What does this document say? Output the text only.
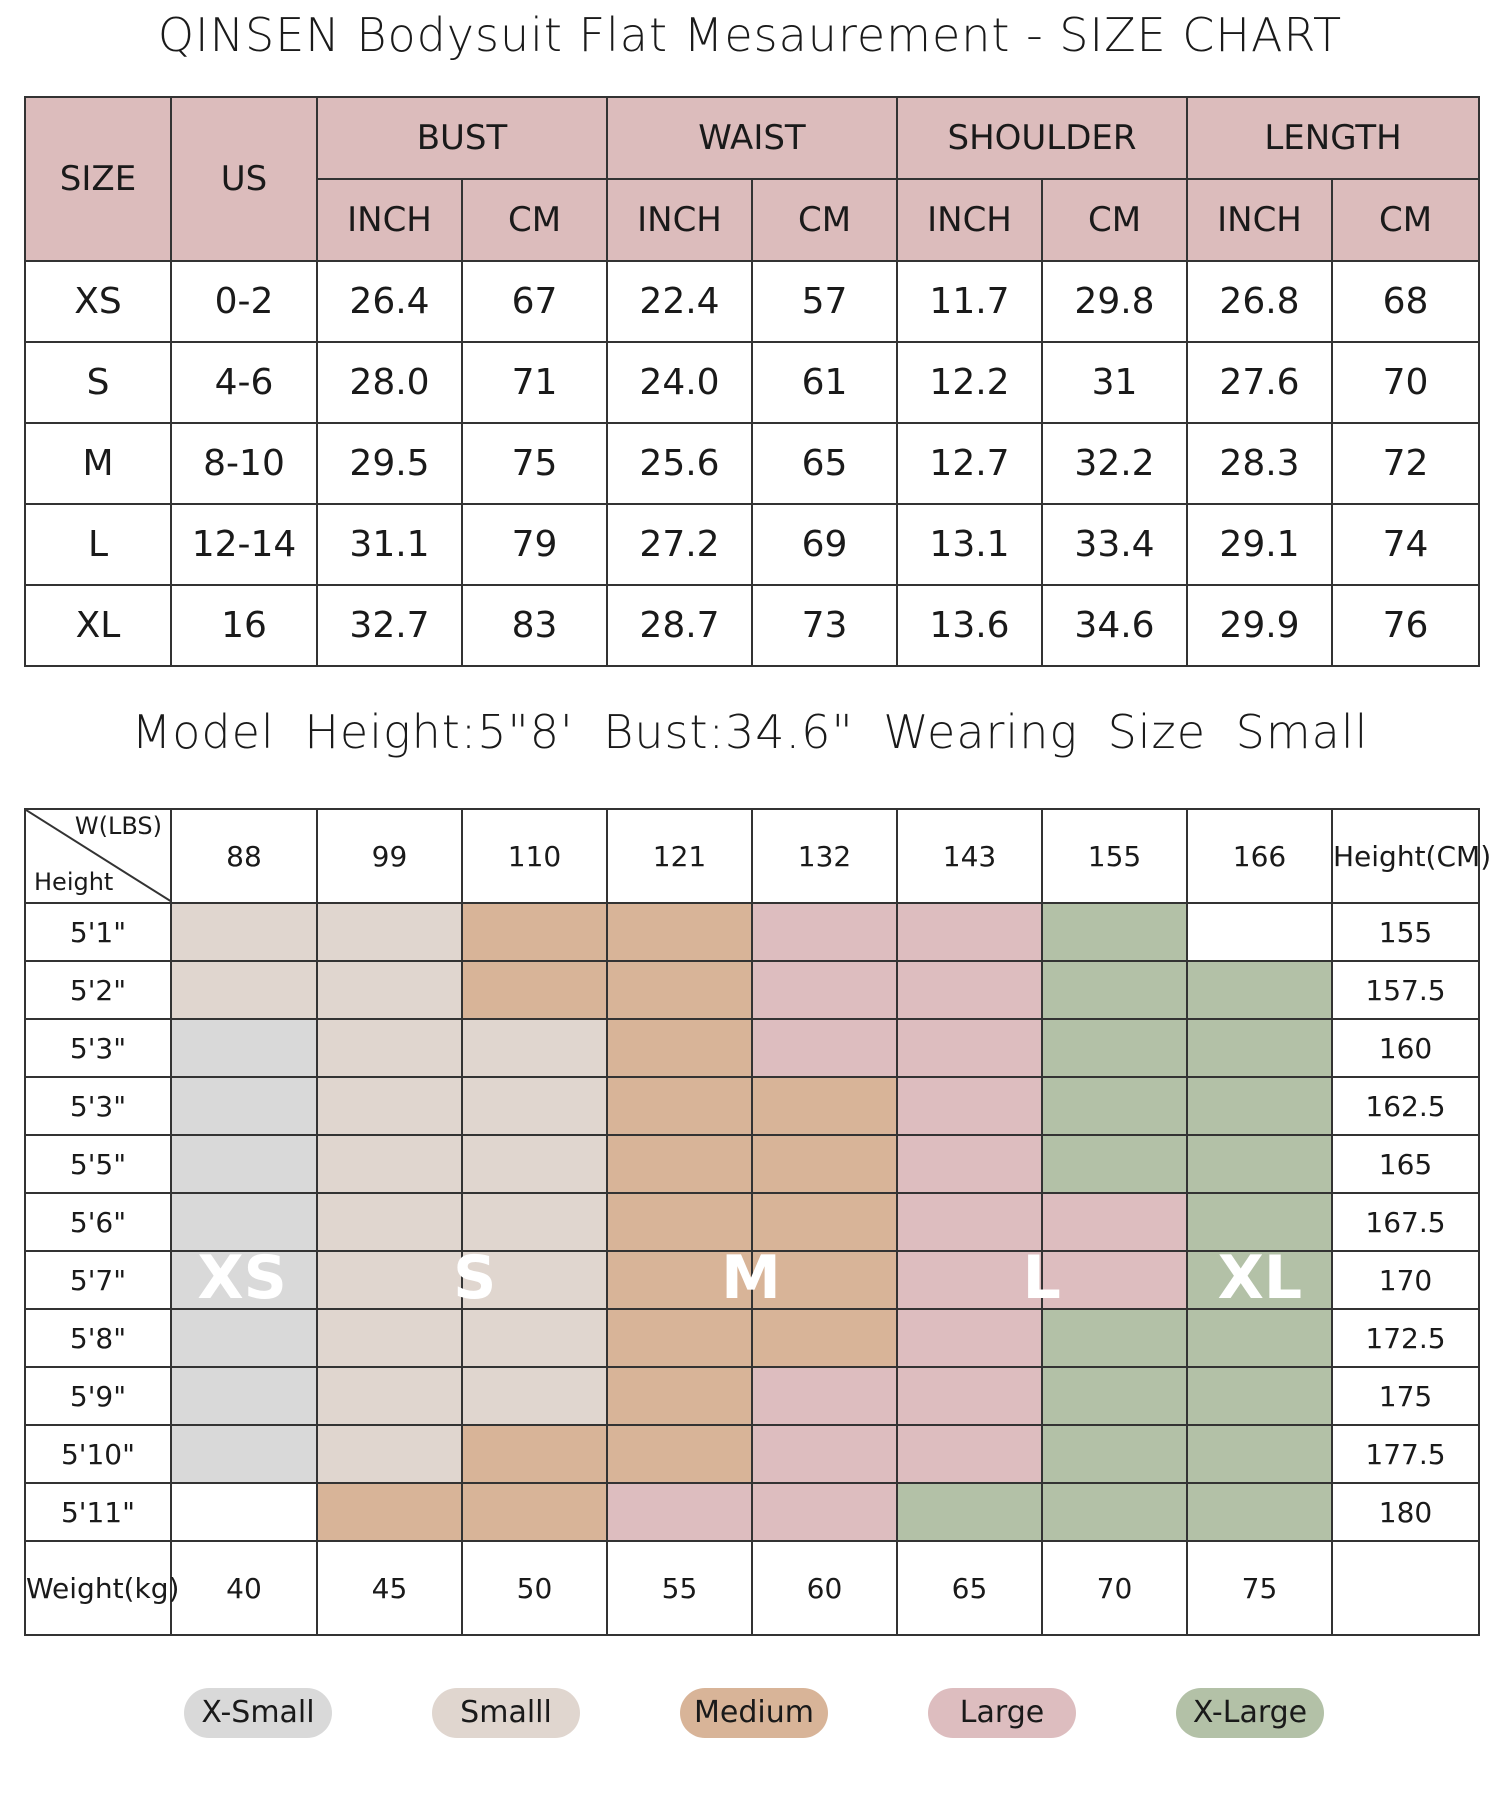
QINSEN Bodysuit Flat Mesaurement - SIZE CHART
SIZE	US	BUST		WAIST		SHOULDER		LENGTH	
		INCH	CM	INCH	CM	INCH	CM	INCH	CM
XS	0-2	26.4	67	22.4	57	11.7	29.8	26.8	68
S	4-6	28.0	71	24.0	61	12.2	31	27.6	70
M	8-10	29.5	75	25.6	65	12.7	32.2	28.3	72
L	12-14	31.1	79	27.2	69	13.1	33.4	29.1	74
XL	16	32.7	83	28.7	73	13.6	34.6	29.9	76
Model Height:5"8' Bust:34.6" Wearing Size Small
W(LBS)
Height	88	99	110	121	132	143	155	166	Height(CM)
5'1"									155
5'2"									157.5
5'3"									160
5'3"									162.5
5'5"									165
5'6"									167.5
5'7"									170
5'8"									172.5
5'9"									175
5'10"									177.5
5'11"									180
Weight(kg)	40	45	50	55	60	65	70	75	
XS	S	M	L	XL
X-Small	Smalll	Medium	Large	X-Large
